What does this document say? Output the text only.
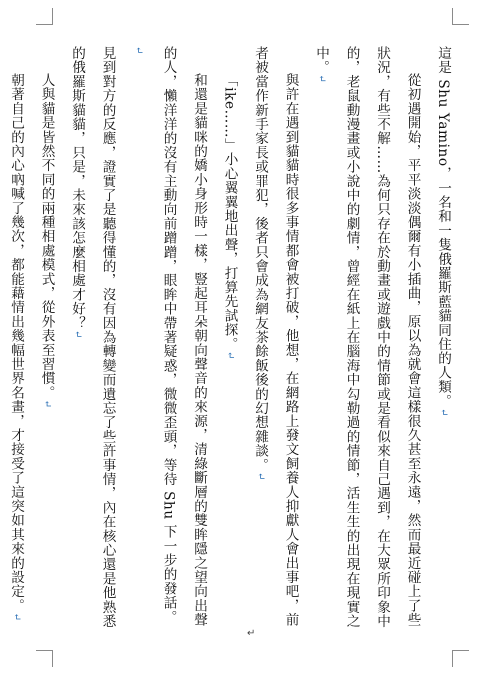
這是 Shu Yamino，一名和一隻俄羅斯藍貓同住的人類。↵

從初遇開始，平平淡淡偶爾有小插曲，原以為就會這樣很久甚至永遠，然而最近碰上了些狀況，有些不解……為何只存在於動畫或遊戲中的情節或是看似來自己遇到，在大眾所印象中的，老鼠動漫畫或小說中的劇情，曾經在紙上在腦海中勾勒過的情節，活生生的出現在現實之中。↵

與許在遇到貓貓時很多事情都會被打破，他想，在網路上發文飼養人抑獻人會出事吧，前者被當作新手家長或罪犯，後者只會成為網友茶餘飯後的幻想雜談。↵

「ike……」小心翼翼地出聲，打算先試探。↵

和還是貓咪的嬌小身形時一樣，豎起耳朵朝向聲音的來源，清綠斷層的雙眸隱之望向出聲的人，懶洋洋的沒有主動向前蹭蹭，眼眸中帶著疑惑，微微歪頭，等待 Shu 下一步的發話。↵

見到對方的反應，證實了是聽得懂的，沒有因為轉變而遺忘了些許事情，內在核心還是他熟悉的俄羅斯貓貓，只是，未來該怎麼相處才好？↵

人與貓是皆然不同的兩種相處模式，從外表至習慣。↵

朝著自己的內心吶喊了幾次，都能藉情出幾幅世界名畫，才接受了這突如其來的設定。↵

↵
